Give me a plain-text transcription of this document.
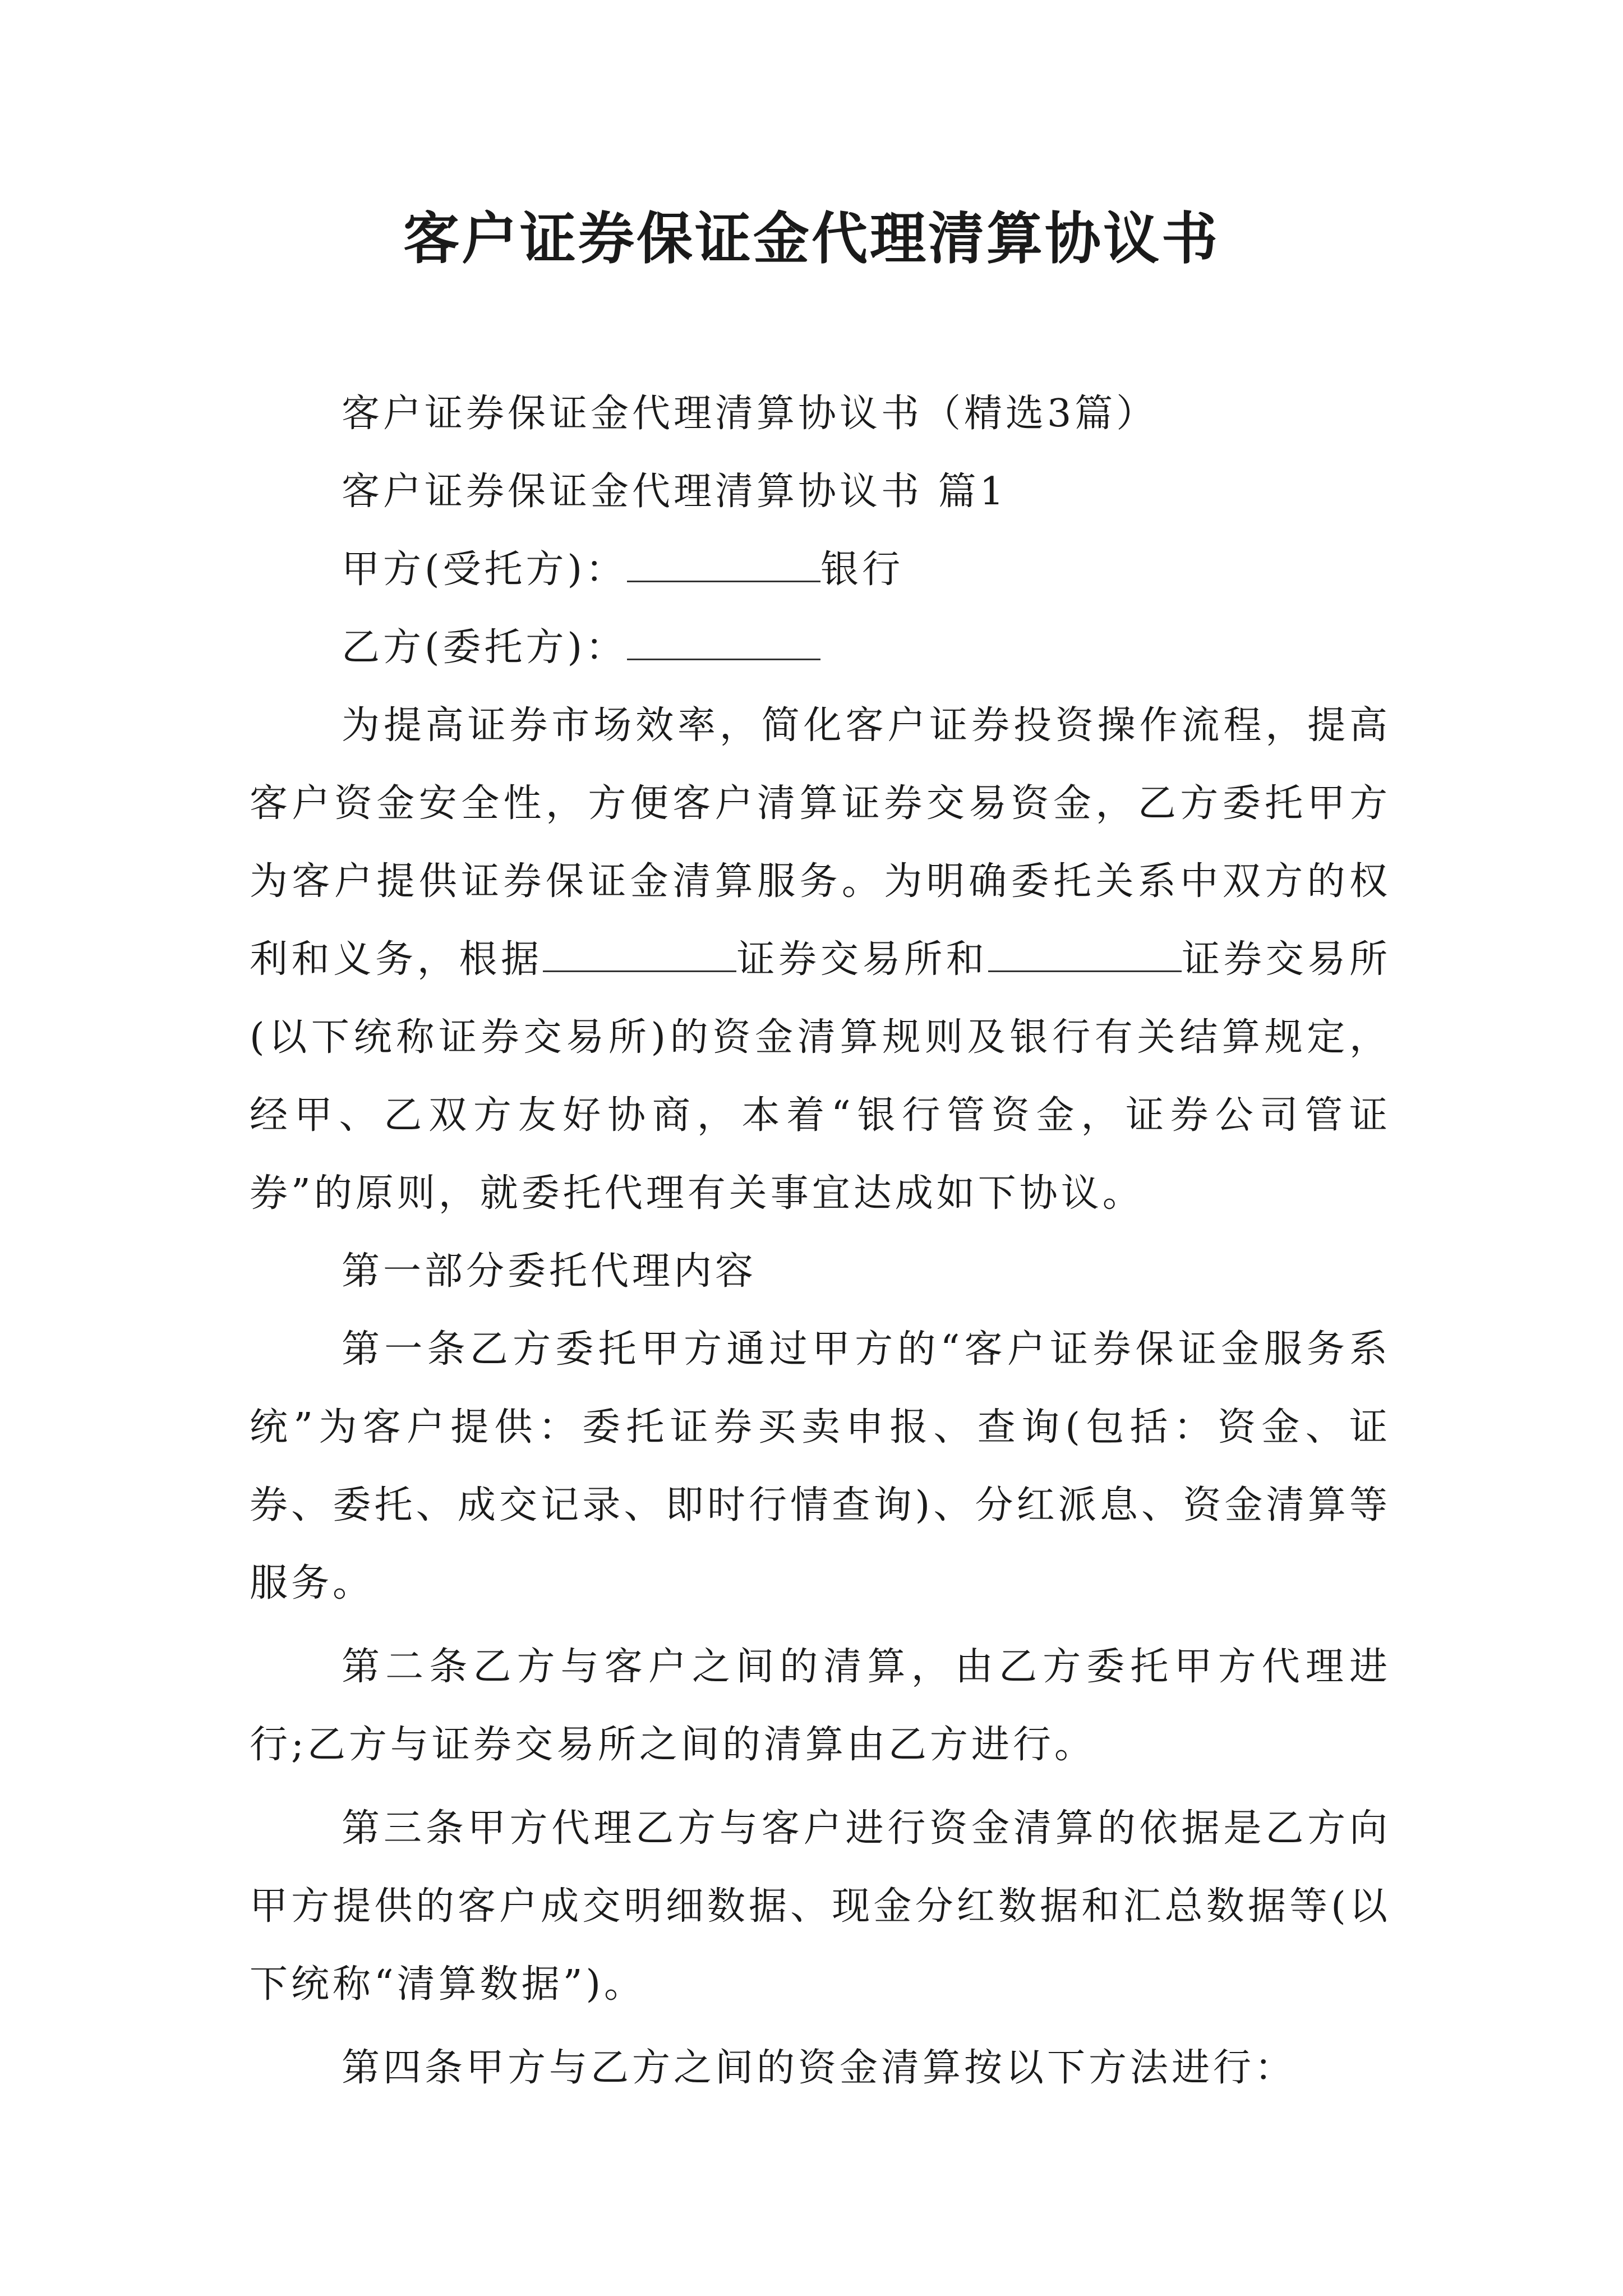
客户证券保证金代理清算协议书

客户证券保证金代理清算协议书（精选3篇）

客户证券保证金代理清算协议书 篇1

甲方(受托方)：	银行

乙方(委托方)：

为提高证券市场效率，简化客户证券投资操作流程，提高客户资金安全性，方便客户清算证券交易资金，乙方委托甲方为客户提供证券保证金清算服务。为明确委托关系中双方的权利和义务，根据	证券交易所和	证券交易所(以下统称证券交易所)的资金清算规则及银行有关结算规定，经甲、乙双方友好协商，本着“银行管资金，证券公司管证券”的原则，就委托代理有关事宜达成如下协议。

第一部分委托代理内容

第一条乙方委托甲方通过甲方的“客户证券保证金服务系统”为客户提供：委托证券买卖申报、查询(包括：资金、证券、委托、成交记录、即时行情查询)、分红派息、资金清算等服务。

第二条乙方与客户之间的清算，由乙方委托甲方代理进行;乙方与证券交易所之间的清算由乙方进行。

第三条甲方代理乙方与客户进行资金清算的依据是乙方向甲方提供的客户成交明细数据、现金分红数据和汇总数据等(以下统称“清算数据”)。

第四条甲方与乙方之间的资金清算按以下方法进行：
